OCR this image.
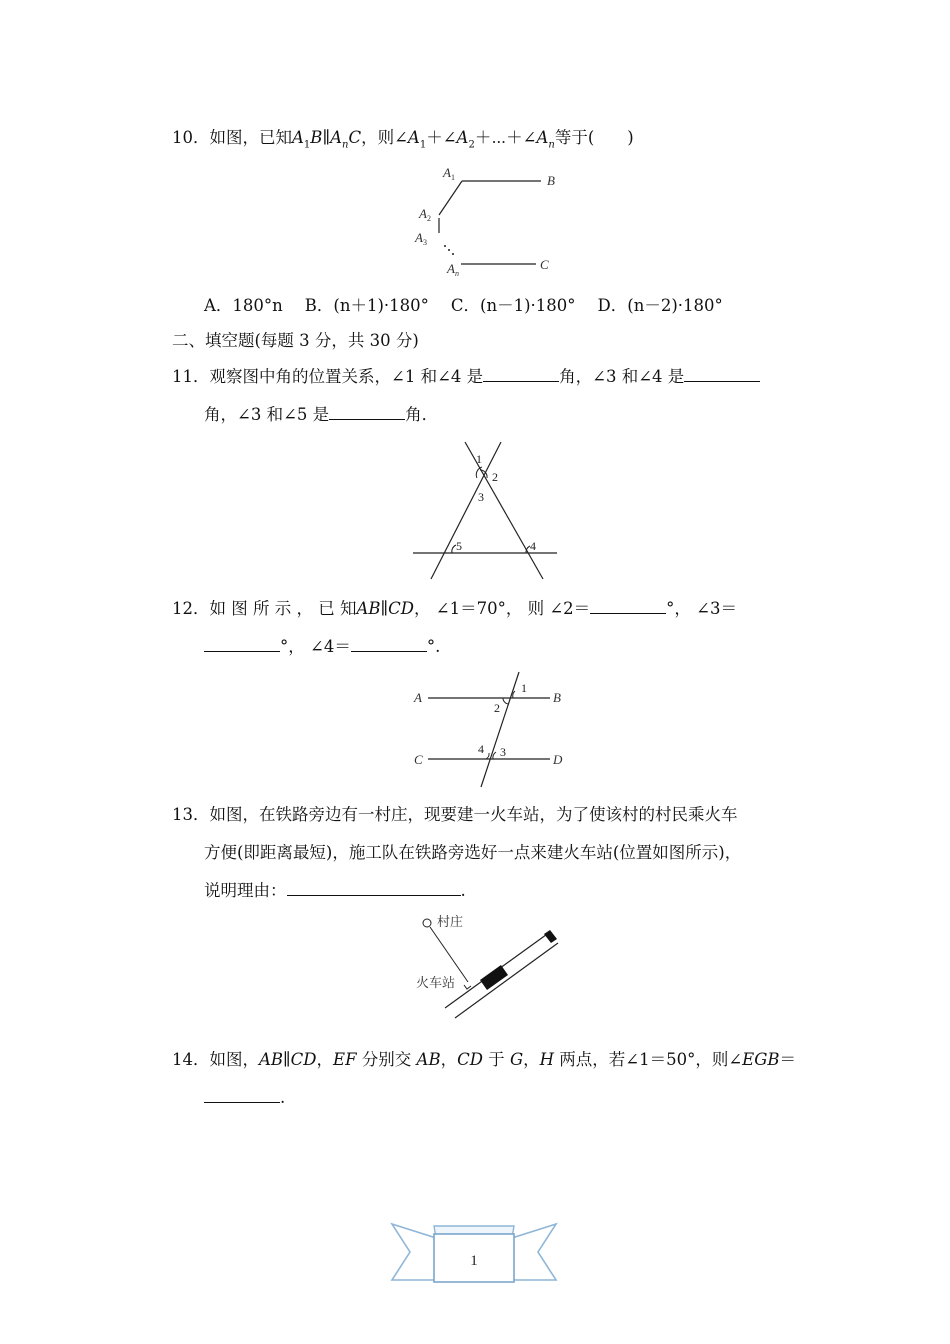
10．如图，已知$A_1B\parallel A_nC$，则$\angle A_1+\angle A_2+\cdots+\angle A_n$等于(　　)
$A_1$	B
$A_2$
$A_3$
$A_n$
C
A．180°n B．(n＋1)·180° C．(n－1)·180° D．(n－2)·180°
二、填空题(每题 3 分，共 30 分)
11．观察图中角的位置关系，∠1 和∠4 是	角，∠3 和∠4 是
角，∠3 和∠5 是	角．
1
2
3
4
5
12．如 图 所 示 ， 已 知AB∥CD， ∠1＝70°， 则 ∠2＝	°， ∠3＝
°， ∠4＝	°.
A	B
C	D
1
2
3
4
13．如图，在铁路旁边有一村庄，现要建一火车站，为了使该村的村民乘火车
方便(即距离最短)，施工队在铁路旁选好一点来建火车站(位置如图所示)，
说明理由：	.
村庄
火车站
14．如图，AB∥CD，EF 分别交 AB，CD 于 G，H 两点，若∠1＝50°，则∠EGB＝
.
1
